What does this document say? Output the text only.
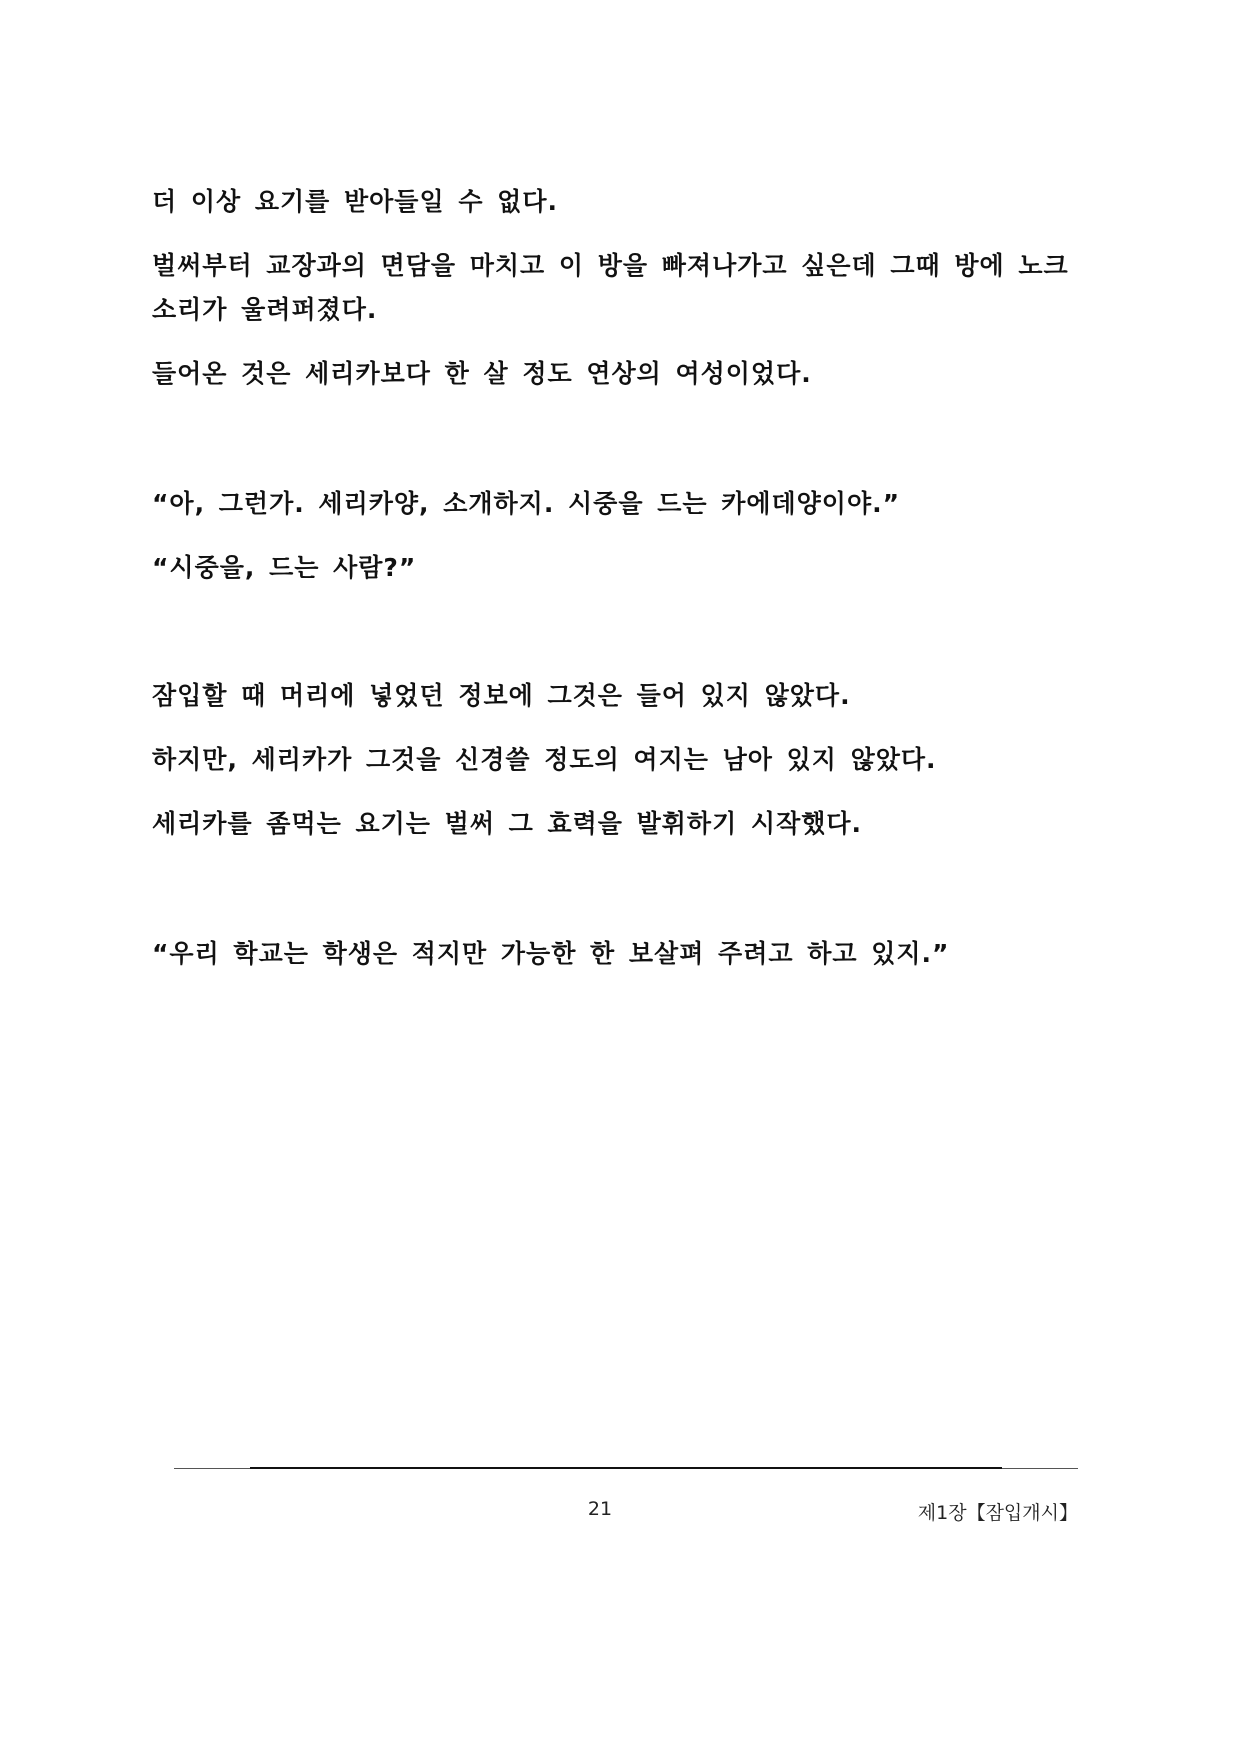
더 이상 요기를 받아들일 수 없다.

벌써부터 교장과의 면담을 마치고 이 방을 빠져나가고 싶은데 그때 방에 노크
소리가 울려퍼졌다.

들어온 것은 세리카보다 한 살 정도 연상의 여성이었다.

“아, 그런가. 세리카양, 소개하지. 시중을 드는 카에데양이야.”

“시중을, 드는 사람?”

잠입할 때 머리에 넣었던 정보에 그것은 들어 있지 않았다.

하지만, 세리카가 그것을 신경쓸 정도의 여지는 남아 있지 않았다.

세리카를 좀먹는 요기는 벌써 그 효력을 발휘하기 시작했다.

“우리 학교는 학생은 적지만 가능한 한 보살펴 주려고 하고 있지.”

21	제1장【잠입개시】
